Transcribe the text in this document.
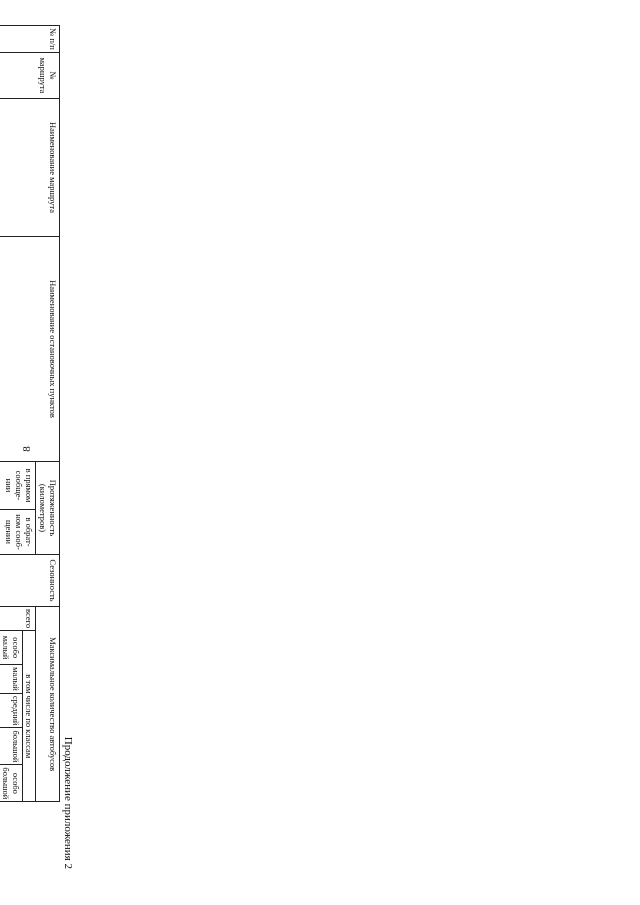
8
Продолжение приложения 2
№ п/п	№ маршрута	Наименование маршрута	Наименование остановочных пунктов	Протяженность (километров)		Сезонность	Максимальное количество автобусов					
				в прямом сообще- нии	в обрат- ном сооб- щении		всего	в том числе по классам				
								особо малый	малый	средний	большой	особо большой
